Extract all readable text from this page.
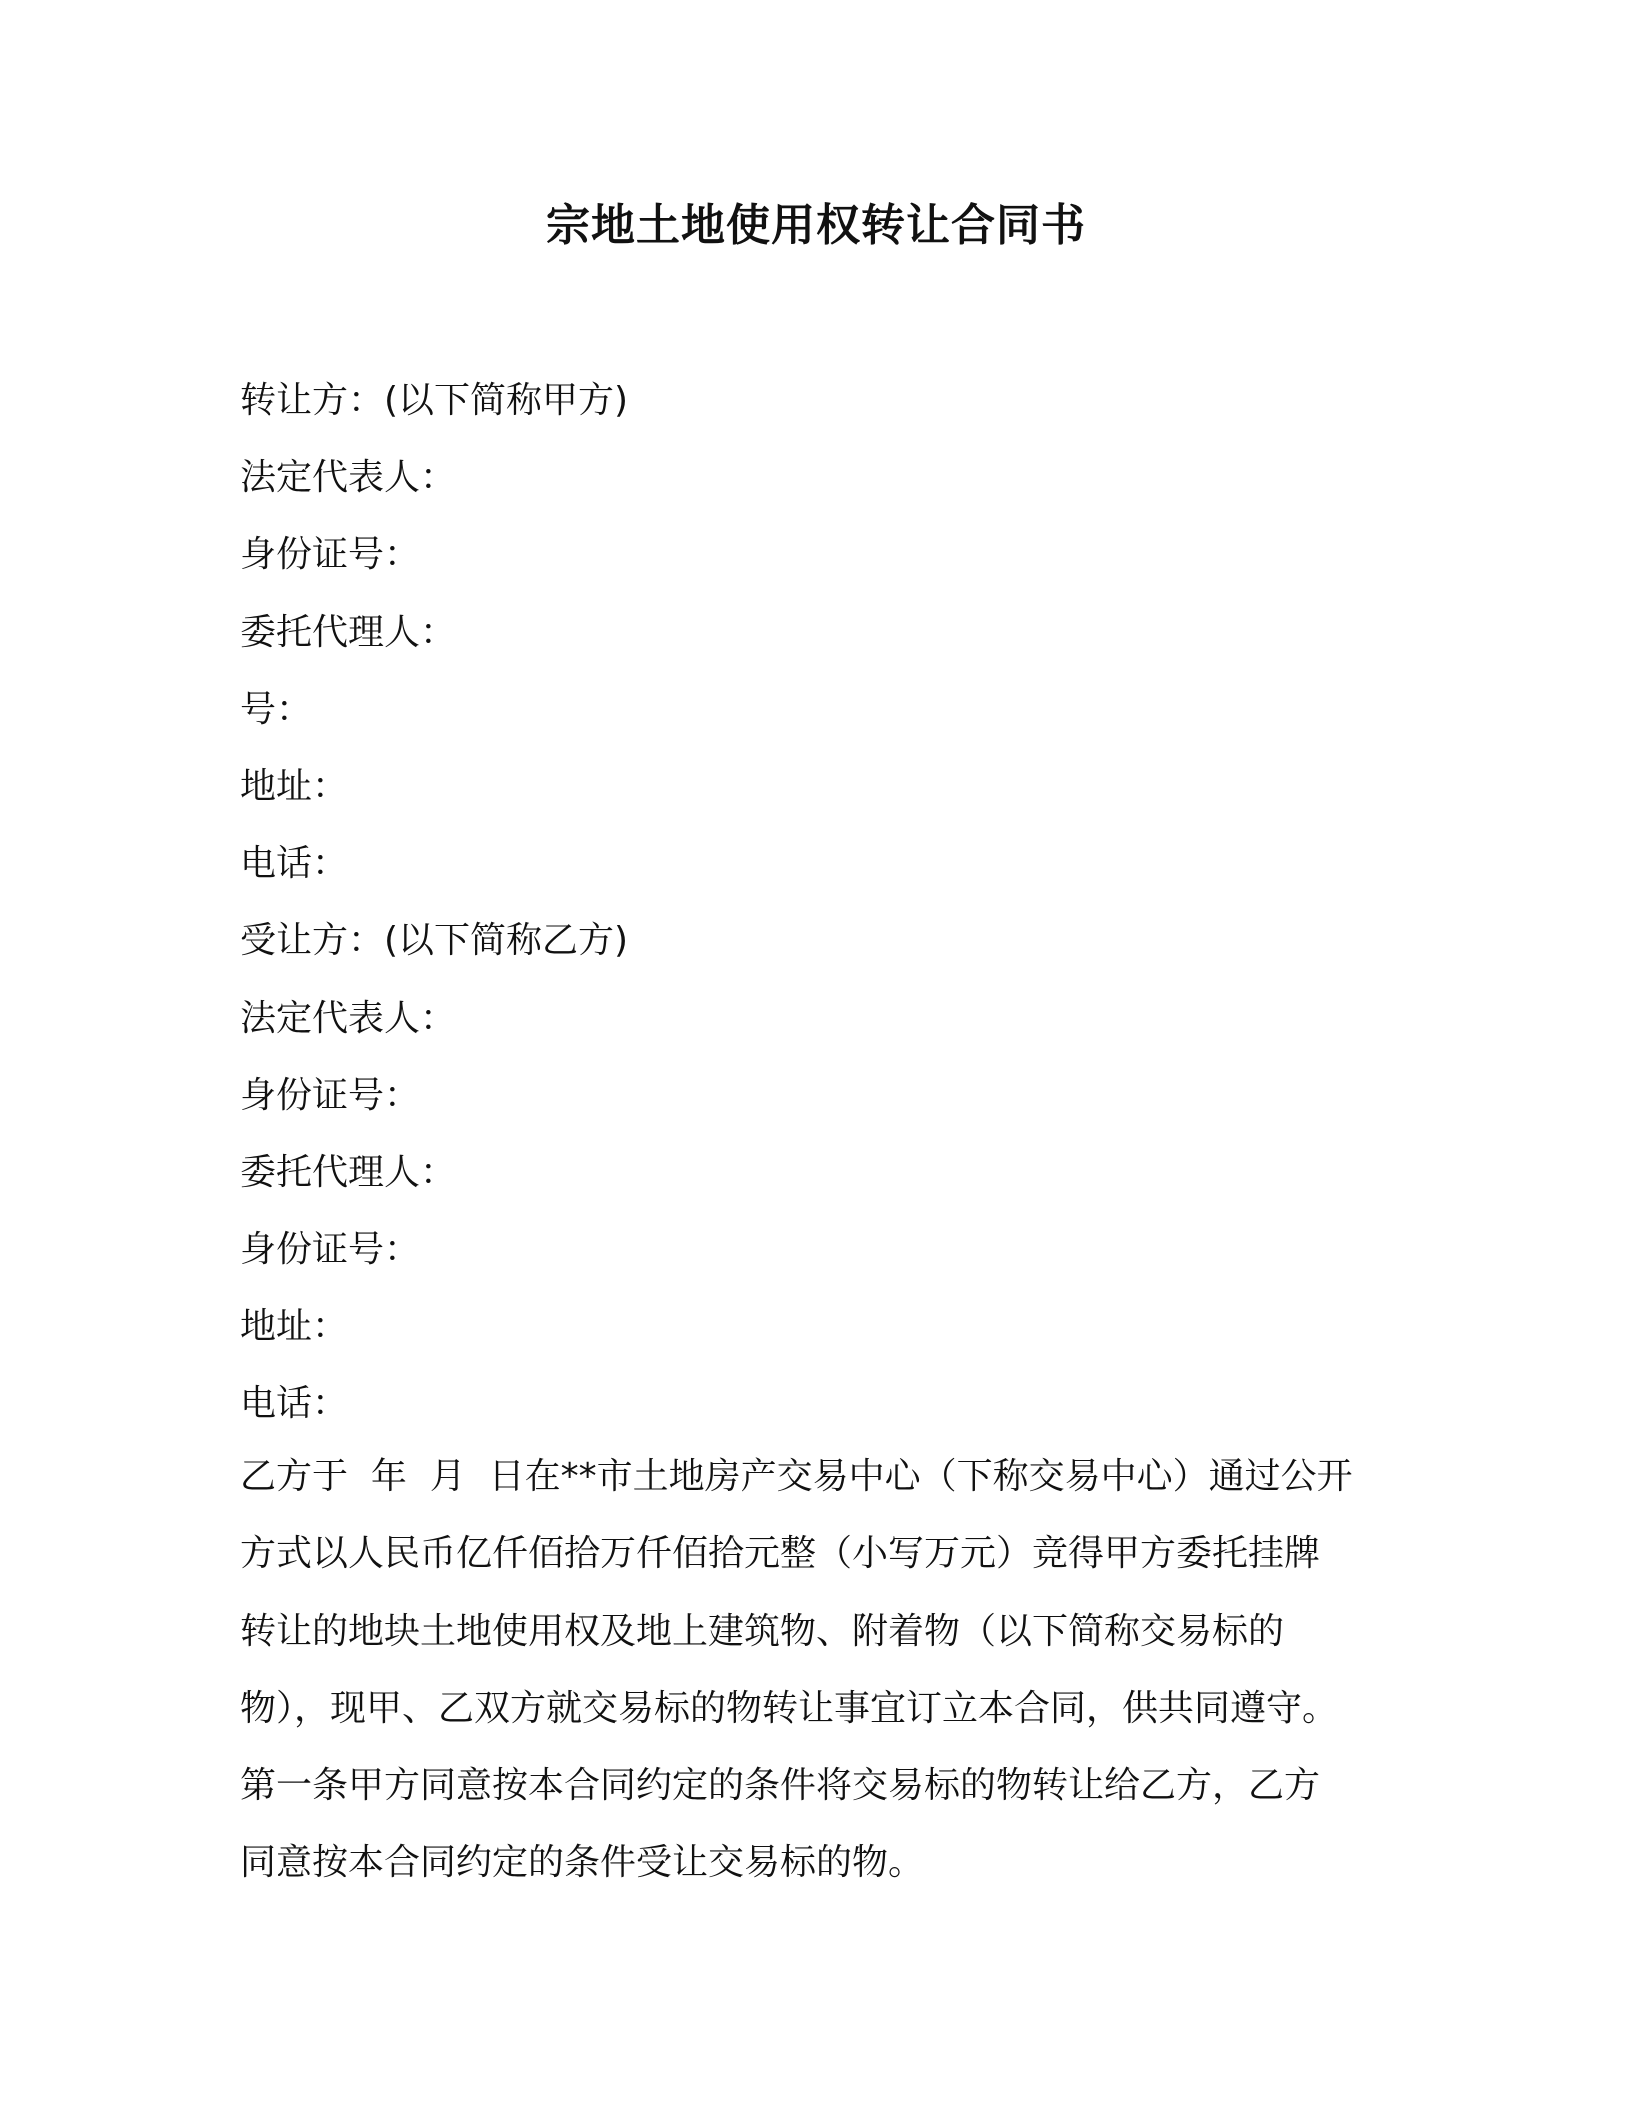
宗地土地使用权转让合同书
转让方：(以下简称甲方)
法定代表人：
身份证号：
委托代理人：
号：
地址：
电话：
受让方：(以下简称乙方)
法定代表人：
身份证号：
委托代理人：
身份证号：
地址：
电话：
乙方于  年  月  日在**市土地房产交易中心（下称交易中心）通过公开
方式以人民币亿仟佰拾万仟佰拾元整（小写万元）竞得甲方委托挂牌
转让的地块土地使用权及地上建筑物、附着物（以下简称交易标的
物），现甲、乙双方就交易标的物转让事宜订立本合同，供共同遵守。
第一条甲方同意按本合同约定的条件将交易标的物转让给乙方，乙方
同意按本合同约定的条件受让交易标的物。
